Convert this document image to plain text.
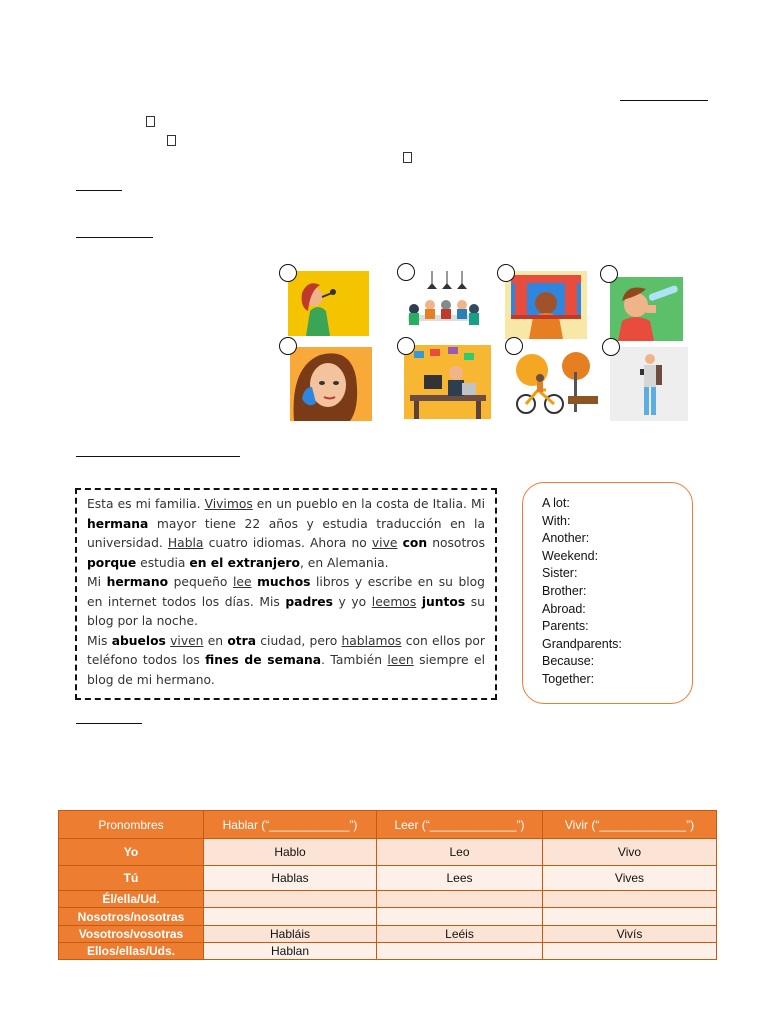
Esta es mi familia. Vivimos en un pueblo en la costa de Italia. Mi hermana mayor tiene 22 años y estudia traducción en la universidad. Habla cuatro idiomas. Ahora no vive con nosotros porque estudia en el extranjero, en Alemania.

Mi hermano pequeño lee muchos libros y escribe en su blog en internet todos los días. Mis padres y yo leemos juntos su blog por la noche.

Mis abuelos viven en otra ciudad, pero hablamos con ellos por teléfono todos los fines de semana. También leen siempre el blog de mi hermano.

A lot:
With:
Another:
Weekend:
Sister:
Brother:
Abroad:
Parents:
Grandparents:
Because:
Together:
Pronombres	Hablar (“____________”)	Leer (“_____________”)	Vivir (“_____________”)
Yo	Hablo	Leo	Vivo
Tú	Hablas	Lees	Vives
Él/ella/Ud.			
Nosotros/nosotras			
Vosotros/vosotras	Habláis	Leéis	Vivís
Ellos/ellas/Uds.	Hablan		
